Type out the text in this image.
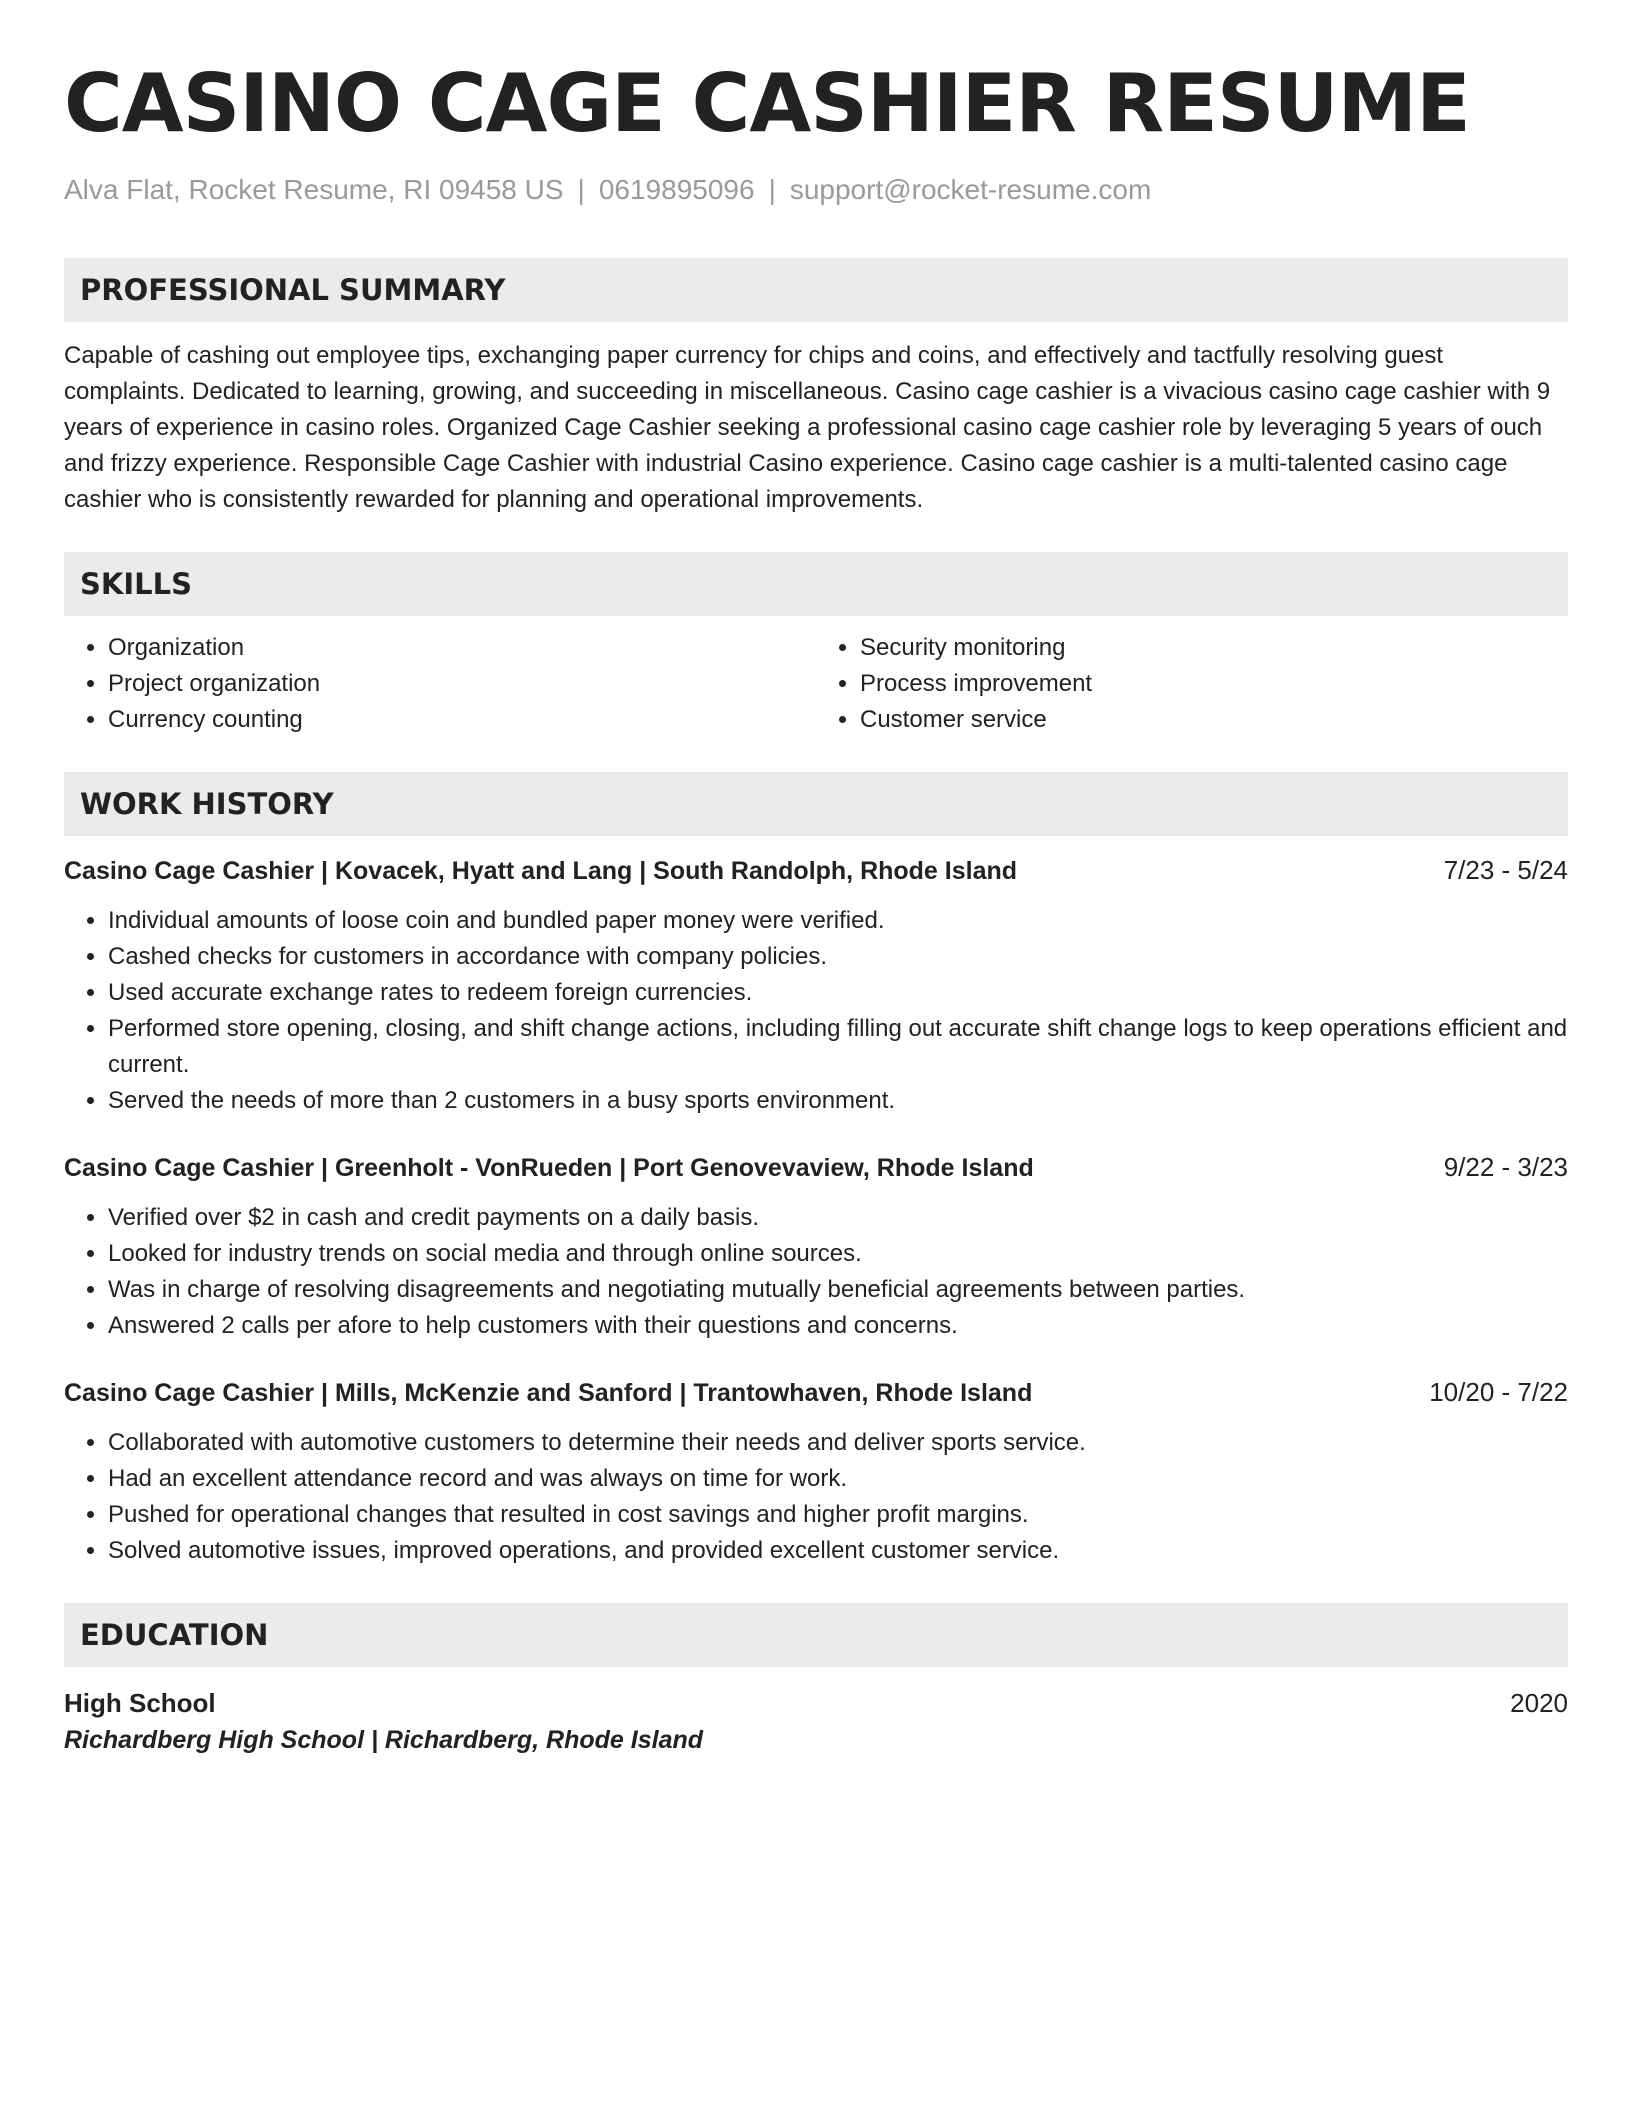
CASINO CAGE CASHIER RESUME
Alva Flat, Rocket Resume, RI 09458 US | 0619895096 | support@rocket-resume.com
PROFESSIONAL SUMMARY
Capable of cashing out employee tips, exchanging paper currency for chips and coins, and effectively and tactfully resolving guest complaints. Dedicated to learning, growing, and succeeding in miscellaneous. Casino cage cashier is a vivacious casino cage cashier with 9 years of experience in casino roles. Organized Cage Cashier seeking a professional casino cage cashier role by leveraging 5 years of ouch and frizzy experience. Responsible Cage Cashier with industrial Casino experience. Casino cage cashier is a multi-talented casino cage cashier who is consistently rewarded for planning and operational improvements.
SKILLS
• Organization
• Project organization
• Currency counting
• Security monitoring
• Process improvement
• Customer service
WORK HISTORY
Casino Cage Cashier | Kovacek, Hyatt and Lang | South Randolph, Rhode Island	7/23 - 5/24
• Individual amounts of loose coin and bundled paper money were verified.
• Cashed checks for customers in accordance with company policies.
• Used accurate exchange rates to redeem foreign currencies.
• Performed store opening, closing, and shift change actions, including filling out accurate shift change logs to keep operations efficient and current.
• Served the needs of more than 2 customers in a busy sports environment.
Casino Cage Cashier | Greenholt - VonRueden | Port Genovevaview, Rhode Island	9/22 - 3/23
• Verified over $2 in cash and credit payments on a daily basis.
• Looked for industry trends on social media and through online sources.
• Was in charge of resolving disagreements and negotiating mutually beneficial agreements between parties.
• Answered 2 calls per afore to help customers with their questions and concerns.
Casino Cage Cashier | Mills, McKenzie and Sanford | Trantowhaven, Rhode Island	10/20 - 7/22
• Collaborated with automotive customers to determine their needs and deliver sports service.
• Had an excellent attendance record and was always on time for work.
• Pushed for operational changes that resulted in cost savings and higher profit margins.
• Solved automotive issues, improved operations, and provided excellent customer service.
EDUCATION
High School	2020
Richardberg High School | Richardberg, Rhode Island
